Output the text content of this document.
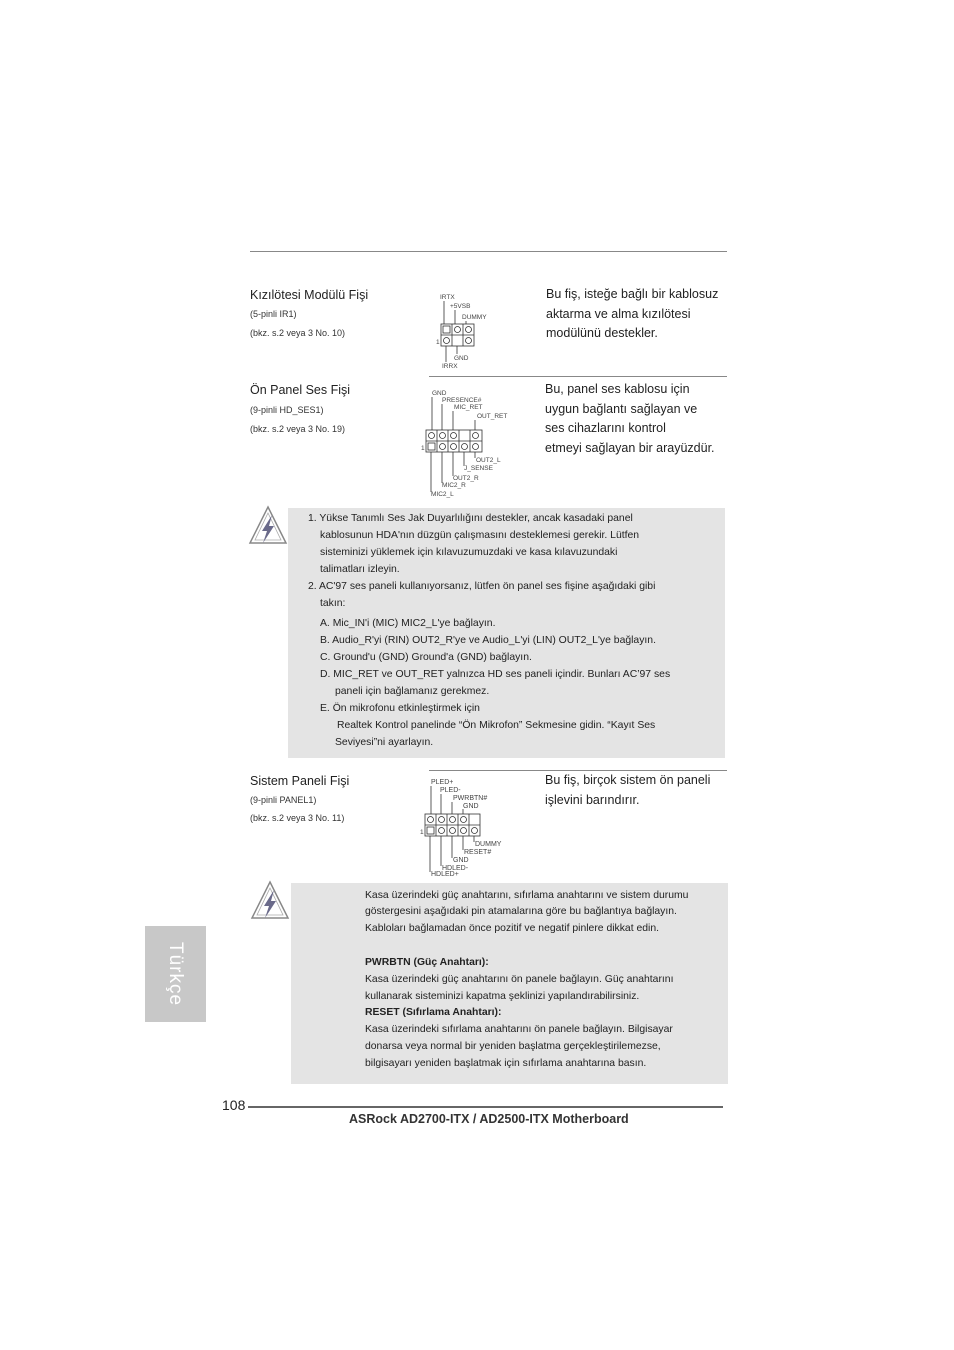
Kızılötesi Modülü Fişi
(5-pinli IR1)
(bkz. s.2 veya 3 No. 10)
Bu fiş, isteğe bağlı bir kablosuz
aktarma ve alma kızılötesi
modülünü destekler.
IRTX
+5VSB
DUMMY
GND
IRRX
1
Ön Panel Ses Fişi
(9-pinli HD_SES1)
(bkz. s.2 veya 3 No. 19)
Bu, panel ses kablosu için
uygun bağlantı sağlayan ve
ses cihazlarını kontrol
etmeyi sağlayan bir arayüzdür.
GND
PRESENCE#
MIC_RET
OUT_RET
OUT2_L
J_SENSE
OUT2_R
MIC2_R
MIC2_L
1
1. Yükse Tanımlı Ses Jak Duyarlılığını destekler, ancak kasadaki panel
kablosunun HDA'nın düzgün çalışmasını desteklemesi gerekir. Lütfen
sisteminizi yüklemek için kılavuzumuzdaki ve kasa kılavuzundaki
talimatları izleyin.
2. AC'97 ses paneli kullanıyorsanız, lütfen ön panel ses fişine aşağıdaki gibi
takın:
A. Mic_IN'i (MIC) MIC2_L'ye bağlayın.
B. Audio_R'yi (RIN) OUT2_R'ye ve Audio_L'yi (LIN) OUT2_L'ye bağlayın.
C. Ground'u (GND) Ground'a (GND) bağlayın.
D. MIC_RET ve OUT_RET yalnızca HD ses paneli içindir. Bunları AC’97 ses
paneli için bağlamanız gerekmez.
E. Ön mikrofonu etkinleştirmek için
Realtek Kontrol panelinde “Ön Mikrofon” Sekmesine gidin. “Kayıt Ses
Seviyesi”ni ayarlayın.
Sistem Paneli Fişi
(9-pinli PANEL1)
(bkz. s.2 veya 3 No. 11)
Bu fiş, birçok sistem ön paneli
işlevini barındırır.
PLED+
PLED-
PWRBTN#
GND
DUMMY
RESET#
GND
HDLED-
HDLED+
1
Kasa üzerindeki güç anahtarını, sıfırlama anahtarını ve sistem durumu
göstergesini aşağıdaki pin atamalarına göre bu bağlantıya bağlayın.
Kabloları bağlamadan önce pozitif ve negatif pinlere dikkat edin.
PWRBTN (Güç Anahtarı):
Kasa üzerindeki güç anahtarını ön panele bağlayın. Güç anahtarını
kullanarak sisteminizi kapatma şeklinizi yapılandırabilirsiniz.
RESET (Sıfırlama Anahtarı):
Kasa üzerindeki sıfırlama anahtarını ön panele bağlayın. Bilgisayar
donarsa veya normal bir yeniden başlatma gerçekleştirilemezse,
bilgisayarı yeniden başlatmak için sıfırlama anahtarına basın.
Türkçe
108
ASRock AD2700-ITX / AD2500-ITX Motherboard
